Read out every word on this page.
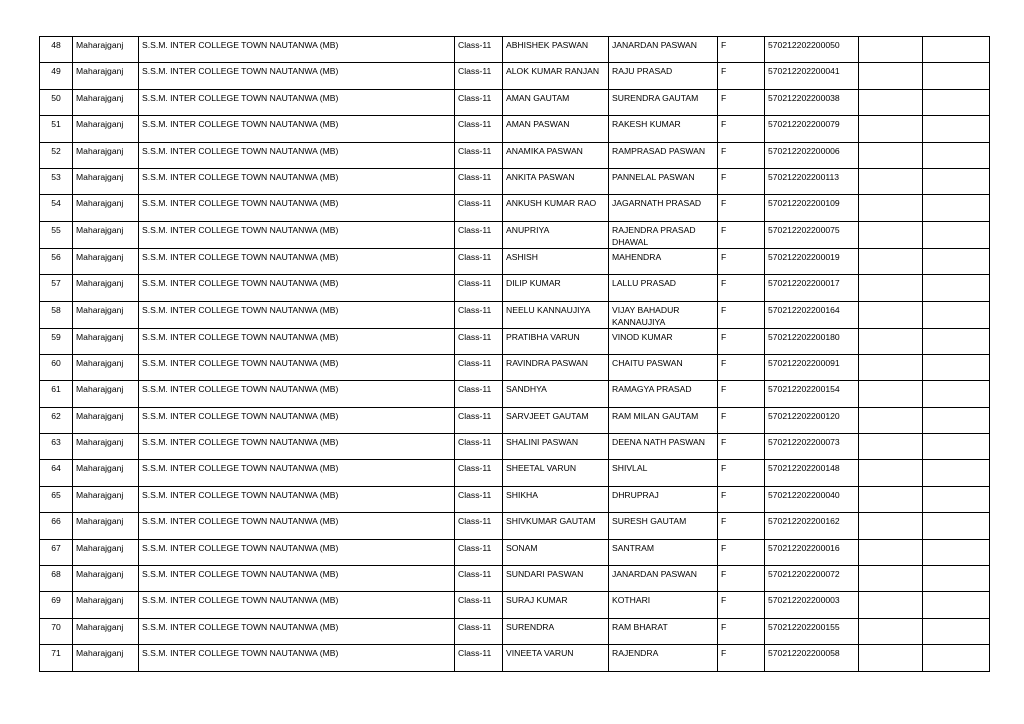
48	Maharajganj	S.S.M. INTER COLLEGE TOWN NAUTANWA (MB)	Class-11	ABHISHEK PASWAN	JANARDAN PASWAN	F	570212202200050		
49	Maharajganj	S.S.M. INTER COLLEGE TOWN NAUTANWA (MB)	Class-11	ALOK KUMAR RANJAN	RAJU PRASAD	F	570212202200041		
50	Maharajganj	S.S.M. INTER COLLEGE TOWN NAUTANWA (MB)	Class-11	AMAN GAUTAM	SURENDRA GAUTAM	F	570212202200038		
51	Maharajganj	S.S.M. INTER COLLEGE TOWN NAUTANWA (MB)	Class-11	AMAN PASWAN	RAKESH KUMAR	F	570212202200079		
52	Maharajganj	S.S.M. INTER COLLEGE TOWN NAUTANWA (MB)	Class-11	ANAMIKA PASWAN	RAMPRASAD PASWAN	F	570212202200006		
53	Maharajganj	S.S.M. INTER COLLEGE TOWN NAUTANWA (MB)	Class-11	ANKITA PASWAN	PANNELAL PASWAN	F	570212202200113		
54	Maharajganj	S.S.M. INTER COLLEGE TOWN NAUTANWA (MB)	Class-11	ANKUSH KUMAR RAO	JAGARNATH PRASAD	F	570212202200109		
55	Maharajganj	S.S.M. INTER COLLEGE TOWN NAUTANWA (MB)	Class-11	ANUPRIYA	RAJENDRA PRASAD DHAWAL	F	570212202200075		
56	Maharajganj	S.S.M. INTER COLLEGE TOWN NAUTANWA (MB)	Class-11	ASHISH	MAHENDRA	F	570212202200019		
57	Maharajganj	S.S.M. INTER COLLEGE TOWN NAUTANWA (MB)	Class-11	DILIP KUMAR	LALLU PRASAD	F	570212202200017		
58	Maharajganj	S.S.M. INTER COLLEGE TOWN NAUTANWA (MB)	Class-11	NEELU KANNAUJIYA	VIJAY BAHADUR KANNAUJIYA	F	570212202200164		
59	Maharajganj	S.S.M. INTER COLLEGE TOWN NAUTANWA (MB)	Class-11	PRATIBHA VARUN	VINOD KUMAR	F	570212202200180		
60	Maharajganj	S.S.M. INTER COLLEGE TOWN NAUTANWA (MB)	Class-11	RAVINDRA PASWAN	CHAITU PASWAN	F	570212202200091		
61	Maharajganj	S.S.M. INTER COLLEGE TOWN NAUTANWA (MB)	Class-11	SANDHYA	RAMAGYA PRASAD	F	570212202200154		
62	Maharajganj	S.S.M. INTER COLLEGE TOWN NAUTANWA (MB)	Class-11	SARVJEET GAUTAM	RAM MILAN GAUTAM	F	570212202200120		
63	Maharajganj	S.S.M. INTER COLLEGE TOWN NAUTANWA (MB)	Class-11	SHALINI PASWAN	DEENA NATH PASWAN	F	570212202200073		
64	Maharajganj	S.S.M. INTER COLLEGE TOWN NAUTANWA (MB)	Class-11	SHEETAL VARUN	SHIVLAL	F	570212202200148		
65	Maharajganj	S.S.M. INTER COLLEGE TOWN NAUTANWA (MB)	Class-11	SHIKHA	DHRUPRAJ	F	570212202200040		
66	Maharajganj	S.S.M. INTER COLLEGE TOWN NAUTANWA (MB)	Class-11	SHIVKUMAR GAUTAM	SURESH GAUTAM	F	570212202200162		
67	Maharajganj	S.S.M. INTER COLLEGE TOWN NAUTANWA (MB)	Class-11	SONAM	SANTRAM	F	570212202200016		
68	Maharajganj	S.S.M. INTER COLLEGE TOWN NAUTANWA (MB)	Class-11	SUNDARI PASWAN	JANARDAN PASWAN	F	570212202200072		
69	Maharajganj	S.S.M. INTER COLLEGE TOWN NAUTANWA (MB)	Class-11	SURAJ KUMAR	KOTHARI	F	570212202200003		
70	Maharajganj	S.S.M. INTER COLLEGE TOWN NAUTANWA (MB)	Class-11	SURENDRA	RAM BHARAT	F	570212202200155		
71	Maharajganj	S.S.M. INTER COLLEGE TOWN NAUTANWA (MB)	Class-11	VINEETA VARUN	RAJENDRA	F	570212202200058		
